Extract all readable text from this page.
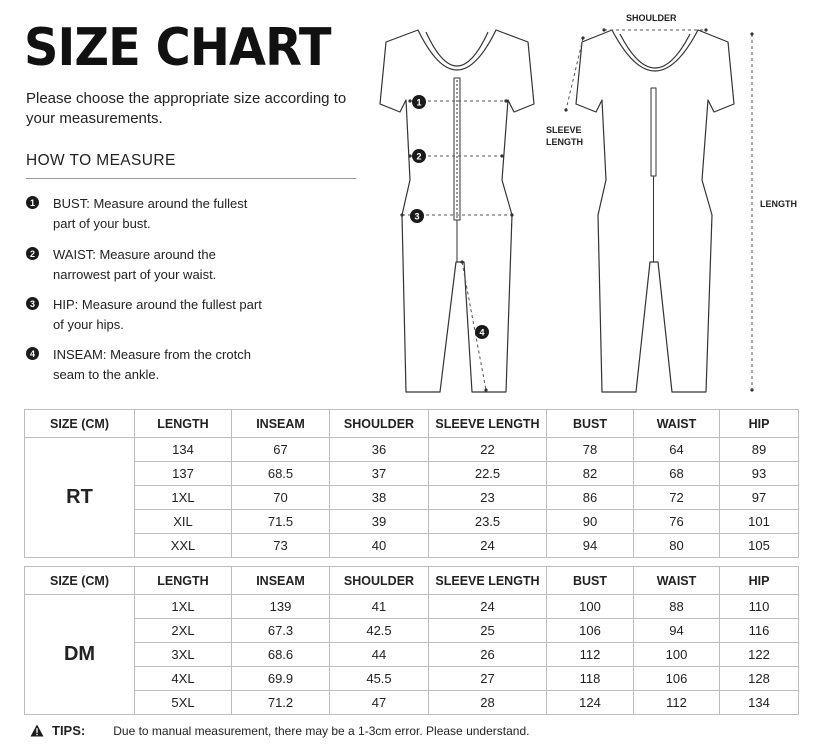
SIZE CHART
Please choose the appropriate size according to your measurements.
HOW TO MEASURE
1	BUST: Measure around the fullest part of your bust.
2	WAIST: Measure around the narrowest part of your waist.
3	HIP: Measure around the fullest part of your hips.
4	INSEAM: Measure from the crotch seam to the ankle.
1
2
3
4
SHOULDER
SLEEVE LENGTH
LENGTH
SIZE (CM)	LENGTH	INSEAM	SHOULDER	SLEEVE LENGTH	BUST	WAIST	HIP
RT	134	67	36	22	78	64	89
	137	68.5	37	22.5	82	68	93
	1XL	70	38	23	86	72	97
	XIL	71.5	39	23.5	90	76	101
	XXL	73	40	24	94	80	105
SIZE (CM)	LENGTH	INSEAM	SHOULDER	SLEEVE LENGTH	BUST	WAIST	HIP
DM	1XL	139	41	24	100	88	110
	2XL	67.3	42.5	25	106	94	116
	3XL	68.6	44	26	112	100	122
	4XL	69.9	45.5	27	118	106	128
	5XL	71.2	47	28	124	112	134
TIPS: Due to manual measurement, there may be a 1-3cm error. Please understand.
